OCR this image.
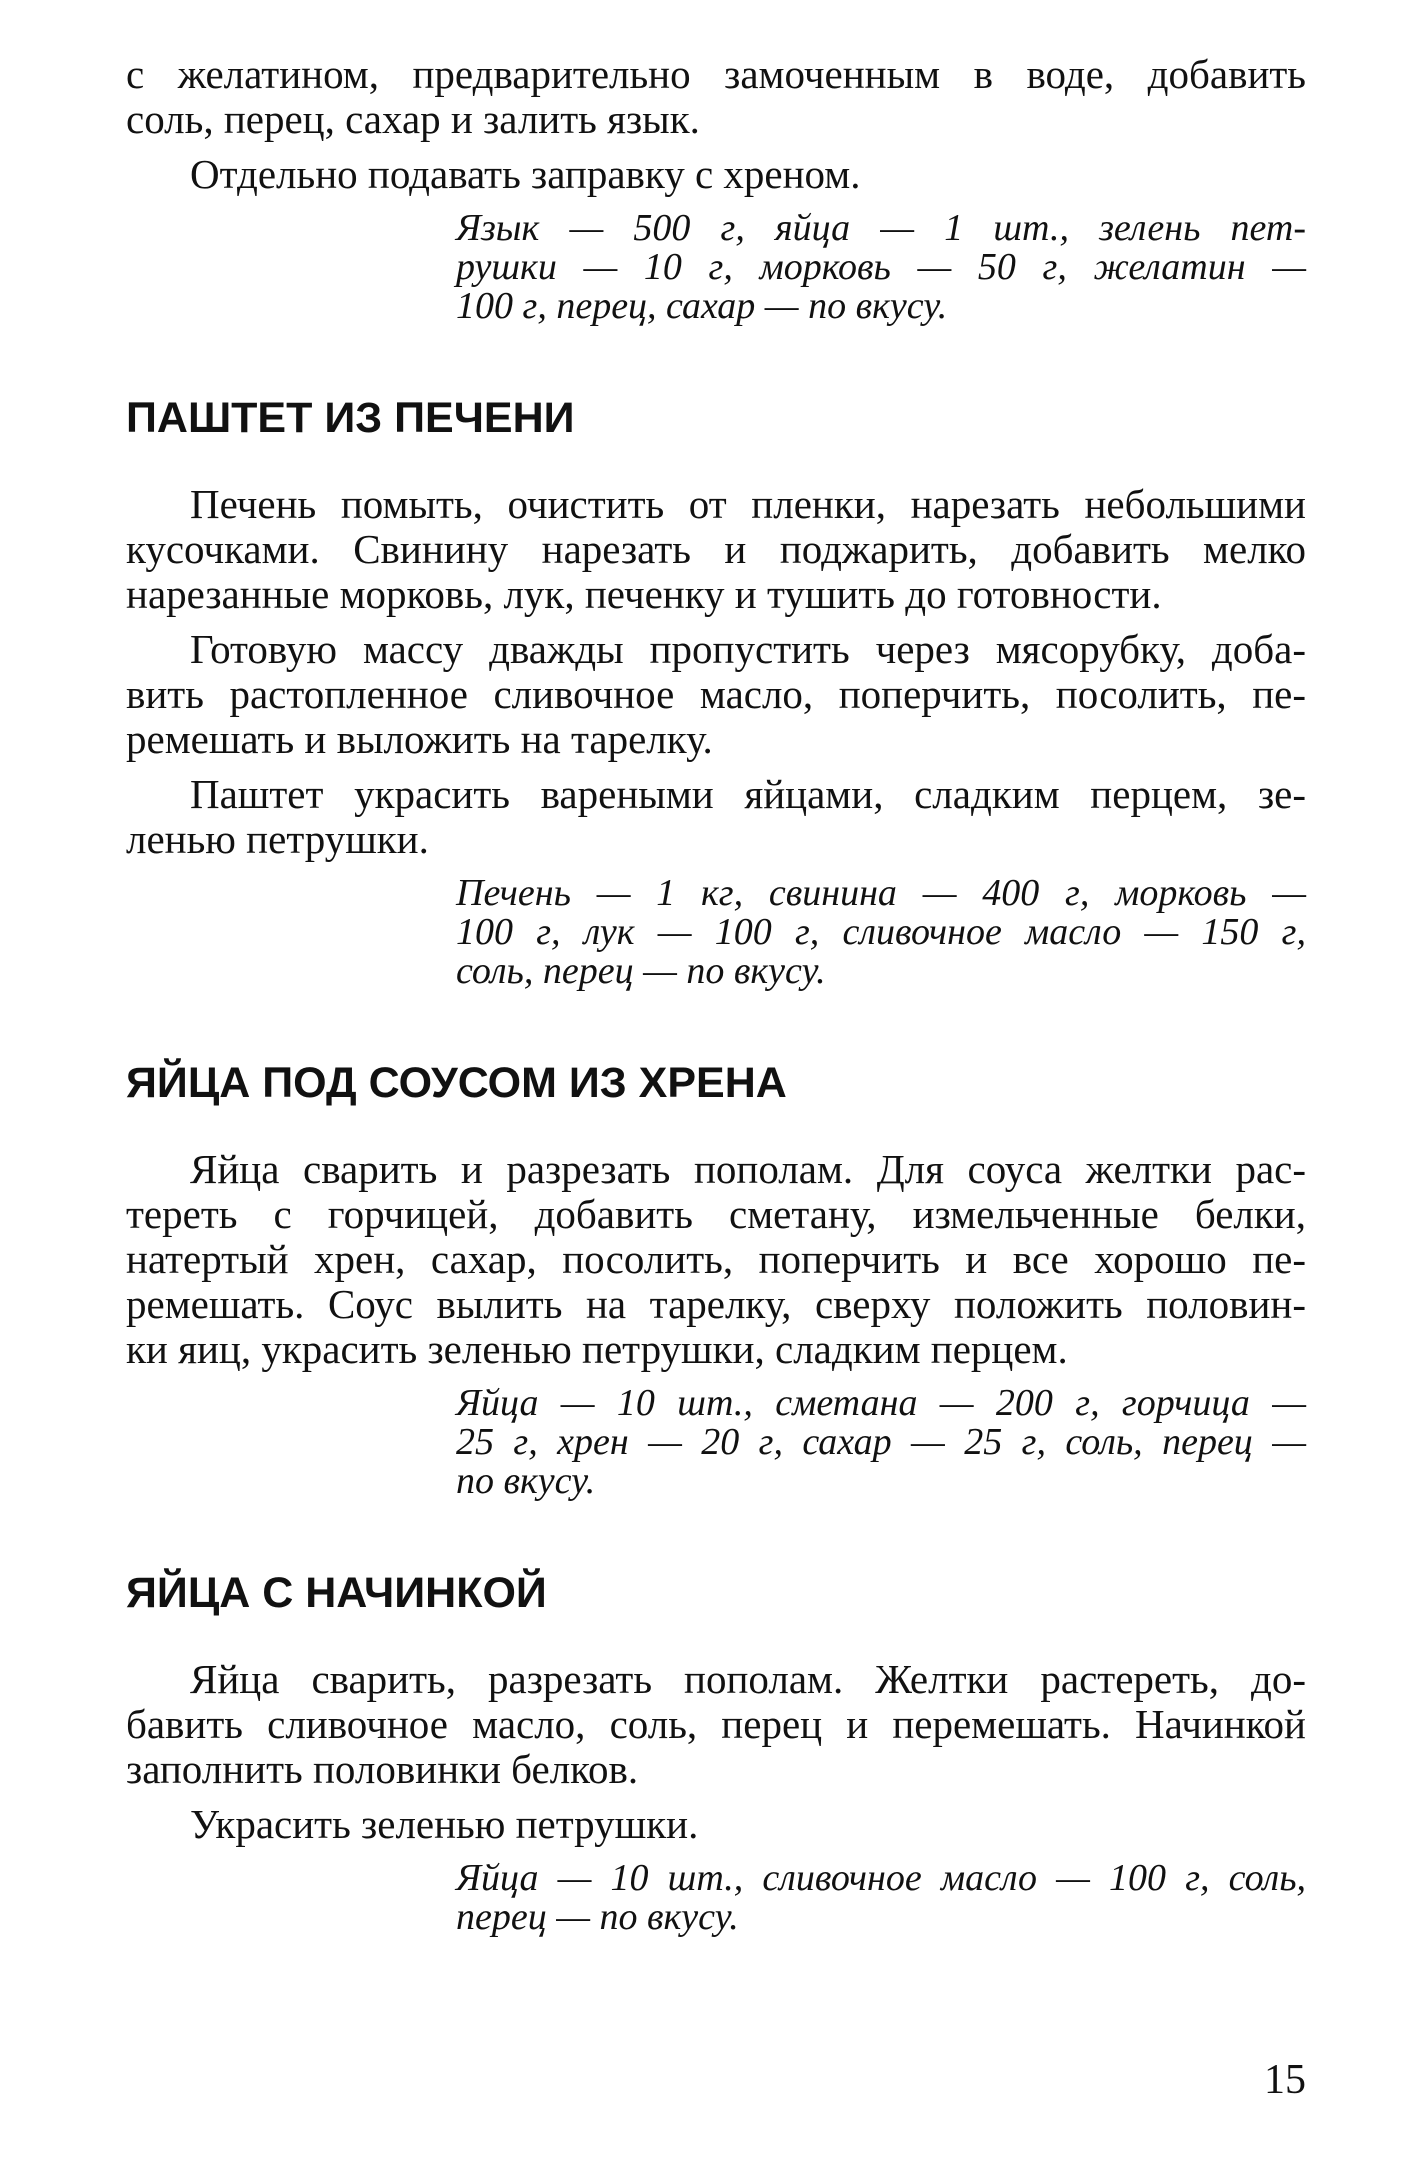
с желатином, предварительно замоченным в воде, добавить
соль, перец, сахар и залить язык.
Отдельно подавать заправку с хреном.
Язык — 500 г, яйца — 1 шт., зелень пет-
рушки — 10 г, морковь — 50 г, желатин —
100 г, перец, сахар — по вкусу.
ПАШТЕТ ИЗ ПЕЧЕНИ
Печень помыть, очистить от пленки, нарезать небольшими
кусочками. Свинину нарезать и поджарить, добавить мелко
нарезанные морковь, лук, печенку и тушить до готовности.
Готовую массу дважды пропустить через мясорубку, доба-
вить растопленное сливочное масло, поперчить, посолить, пе-
ремешать и выложить на тарелку.
Паштет украсить вареными яйцами, сладким перцем, зе-
ленью петрушки.
Печень — 1 кг, свинина — 400 г, морковь —
100 г, лук — 100 г, сливочное масло — 150 г,
соль, перец — по вкусу.
ЯЙЦА ПОД СОУСОМ ИЗ ХРЕНА
Яйца сварить и разрезать пополам. Для соуса желтки рас-
тереть с горчицей, добавить сметану, измельченные белки,
натертый хрен, сахар, посолить, поперчить и все хорошо пе-
ремешать. Соус вылить на тарелку, сверху положить половин-
ки яиц, украсить зеленью петрушки, сладким перцем.
Яйца — 10 шт., сметана — 200 г, горчица —
25 г, хрен — 20 г, сахар — 25 г, соль, перец —
по вкусу.
ЯЙЦА С НАЧИНКОЙ
Яйца сварить, разрезать пополам. Желтки растереть, до-
бавить сливочное масло, соль, перец и перемешать. Начинкой
заполнить половинки белков.
Украсить зеленью петрушки.
Яйца — 10 шт., сливочное масло — 100 г, соль,
перец — по вкусу.
15
